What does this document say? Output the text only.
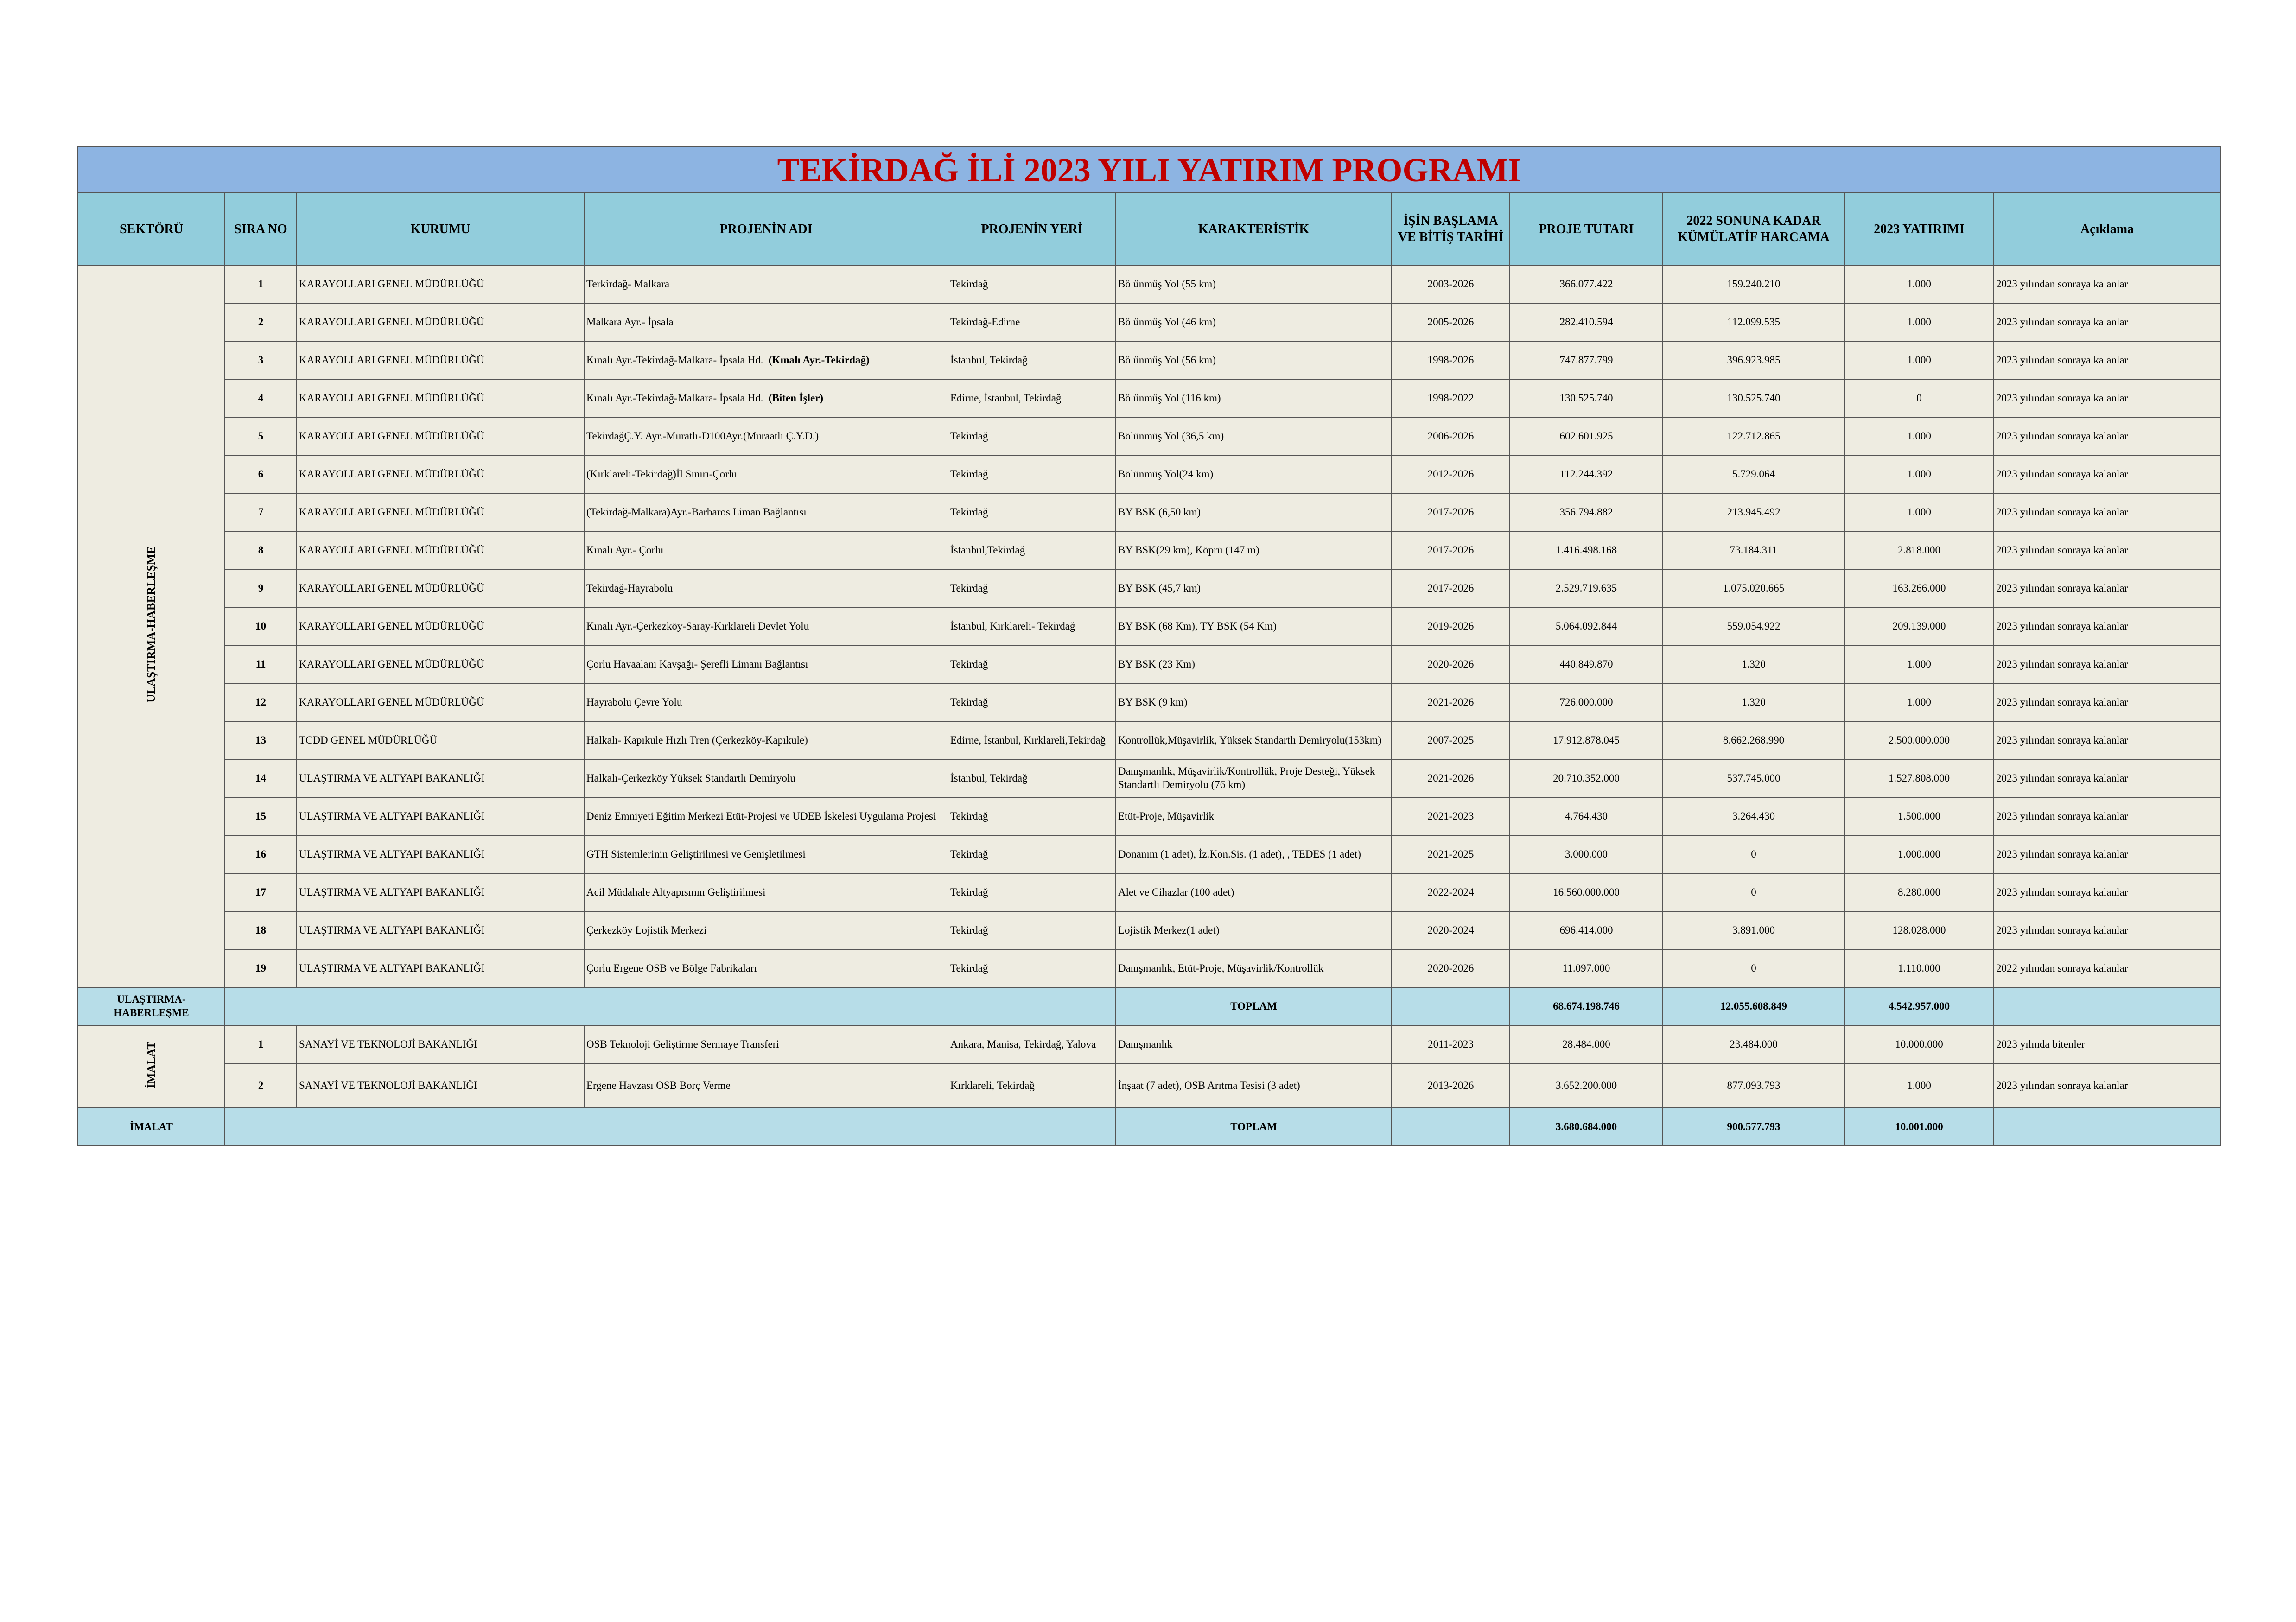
TEKİRDAĞ İLİ 2023 YILI YATIRIM PROGRAMI										
SEKTÖRÜ	SIRA NO	KURUMU	PROJENİN ADI	PROJENİN YERİ	KARAKTERİSTİK	İŞİN BAŞLAMA VE BİTİŞ TARİHİ	PROJE TUTARI	2022 SONUNA KADAR KÜMÜLATİF HARCAMA	2023 YATIRIMI	Açıklama
ULAŞTIRMA-HABERLEŞME	1	KARAYOLLARI GENEL MÜDÜRLÜĞÜ	Terkirdağ- Malkara	Tekirdağ	Bölünmüş Yol (55 km)	2003-2026	366.077.422	159.240.210	1.000	2023 yılından sonraya kalanlar
	2	KARAYOLLARI GENEL MÜDÜRLÜĞÜ	Malkara Ayr.- İpsala	Tekirdağ-Edirne	Bölünmüş Yol (46 km)	2005-2026	282.410.594	112.099.535	1.000	2023 yılından sonraya kalanlar
	3	KARAYOLLARI GENEL MÜDÜRLÜĞÜ	Kınalı Ayr.-Tekirdağ-Malkara- İpsala Hd. (Kınalı Ayr.-Tekirdağ)	İstanbul, Tekirdağ	Bölünmüş Yol (56 km)	1998-2026	747.877.799	396.923.985	1.000	2023 yılından sonraya kalanlar
	4	KARAYOLLARI GENEL MÜDÜRLÜĞÜ	Kınalı Ayr.-Tekirdağ-Malkara- İpsala Hd. (Biten İşler)	Edirne, İstanbul, Tekirdağ	Bölünmüş Yol (116 km)	1998-2022	130.525.740	130.525.740	0	2023 yılından sonraya kalanlar
	5	KARAYOLLARI GENEL MÜDÜRLÜĞÜ	TekirdağÇ.Y. Ayr.-Muratlı-D100Ayr.(Muraatlı Ç.Y.D.)	Tekirdağ	Bölünmüş Yol (36,5 km)	2006-2026	602.601.925	122.712.865	1.000	2023 yılından sonraya kalanlar
	6	KARAYOLLARI GENEL MÜDÜRLÜĞÜ	(Kırklareli-Tekirdağ)İl Sınırı-Çorlu	Tekirdağ	Bölünmüş Yol(24 km)	2012-2026	112.244.392	5.729.064	1.000	2023 yılından sonraya kalanlar
	7	KARAYOLLARI GENEL MÜDÜRLÜĞÜ	(Tekirdağ-Malkara)Ayr.-Barbaros Liman Bağlantısı	Tekirdağ	BY BSK (6,50 km)	2017-2026	356.794.882	213.945.492	1.000	2023 yılından sonraya kalanlar
	8	KARAYOLLARI GENEL MÜDÜRLÜĞÜ	Kınalı Ayr.- Çorlu	İstanbul,Tekirdağ	BY BSK(29 km), Köprü (147 m)	2017-2026	1.416.498.168	73.184.311	2.818.000	2023 yılından sonraya kalanlar
	9	KARAYOLLARI GENEL MÜDÜRLÜĞÜ	Tekirdağ-Hayrabolu	Tekirdağ	BY BSK (45,7 km)	2017-2026	2.529.719.635	1.075.020.665	163.266.000	2023 yılından sonraya kalanlar
	10	KARAYOLLARI GENEL MÜDÜRLÜĞÜ	Kınalı Ayr.-Çerkezköy-Saray-Kırklareli Devlet Yolu	İstanbul, Kırklareli- Tekirdağ	BY BSK (68 Km), TY BSK (54 Km)	2019-2026	5.064.092.844	559.054.922	209.139.000	2023 yılından sonraya kalanlar
	11	KARAYOLLARI GENEL MÜDÜRLÜĞÜ	Çorlu Havaalanı Kavşağı- Şerefli Limanı Bağlantısı	Tekirdağ	BY BSK (23 Km)	2020-2026	440.849.870	1.320	1.000	2023 yılından sonraya kalanlar
	12	KARAYOLLARI GENEL MÜDÜRLÜĞÜ	Hayrabolu Çevre Yolu	Tekirdağ	BY BSK (9 km)	2021-2026	726.000.000	1.320	1.000	2023 yılından sonraya kalanlar
	13	TCDD GENEL MÜDÜRLÜĞÜ	Halkalı- Kapıkule Hızlı Tren (Çerkezköy-Kapıkule)	Edirne, İstanbul, Kırklareli,Tekirdağ	Kontrollük,Müşavirlik, Yüksek Standartlı Demiryolu(153km)	2007-2025	17.912.878.045	8.662.268.990	2.500.000.000	2023 yılından sonraya kalanlar
	14	ULAŞTIRMA VE ALTYAPI BAKANLIĞI	Halkalı-Çerkezköy Yüksek Standartlı Demiryolu	İstanbul, Tekirdağ	Danışmanlık, Müşavirlik/Kontrollük, Proje Desteği, Yüksek Standartlı Demiryolu (76 km)	2021-2026	20.710.352.000	537.745.000	1.527.808.000	2023 yılından sonraya kalanlar
	15	ULAŞTIRMA VE ALTYAPI BAKANLIĞI	Deniz Emniyeti Eğitim Merkezi Etüt-Projesi ve UDEB İskelesi Uygulama Projesi	Tekirdağ	Etüt-Proje, Müşavirlik	2021-2023	4.764.430	3.264.430	1.500.000	2023 yılından sonraya kalanlar
	16	ULAŞTIRMA VE ALTYAPI BAKANLIĞI	GTH Sistemlerinin Geliştirilmesi ve Genişletilmesi	Tekirdağ	Donanım (1 adet), İz.Kon.Sis. (1 adet), , TEDES (1 adet)	2021-2025	3.000.000	0	1.000.000	2023 yılından sonraya kalanlar
	17	ULAŞTIRMA VE ALTYAPI BAKANLIĞI	Acil Müdahale Altyapısının Geliştirilmesi	Tekirdağ	Alet ve Cihazlar (100 adet)	2022-2024	16.560.000.000	0	8.280.000	2023 yılından sonraya kalanlar
	18	ULAŞTIRMA VE ALTYAPI BAKANLIĞI	Çerkezköy Lojistik Merkezi	Tekirdağ	Lojistik Merkez(1 adet)	2020-2024	696.414.000	3.891.000	128.028.000	2023 yılından sonraya kalanlar
	19	ULAŞTIRMA VE ALTYAPI BAKANLIĞI	Çorlu Ergene OSB ve Bölge Fabrikaları	Tekirdağ	Danışmanlık, Etüt-Proje, Müşavirlik/Kontrollük	2020-2026	11.097.000	0	1.110.000	2022 yılından sonraya kalanlar
ULAŞTIRMA-HABERLEŞME					TOPLAM		68.674.198.746	12.055.608.849	4.542.957.000	
İMALAT	1	SANAYİ VE TEKNOLOJİ BAKANLIĞI	OSB Teknoloji Geliştirme Sermaye Transferi	Ankara, Manisa, Tekirdağ, Yalova	Danışmanlık	2011-2023	28.484.000	23.484.000	10.000.000	2023 yılında bitenler
	2	SANAYİ VE TEKNOLOJİ BAKANLIĞI	Ergene Havzası OSB Borç Verme	Kırklareli, Tekirdağ	İnşaat (7 adet), OSB Arıtma Tesisi (3 adet)	2013-2026	3.652.200.000	877.093.793	1.000	2023 yılından sonraya kalanlar
İMALAT					TOPLAM		3.680.684.000	900.577.793	10.001.000	
